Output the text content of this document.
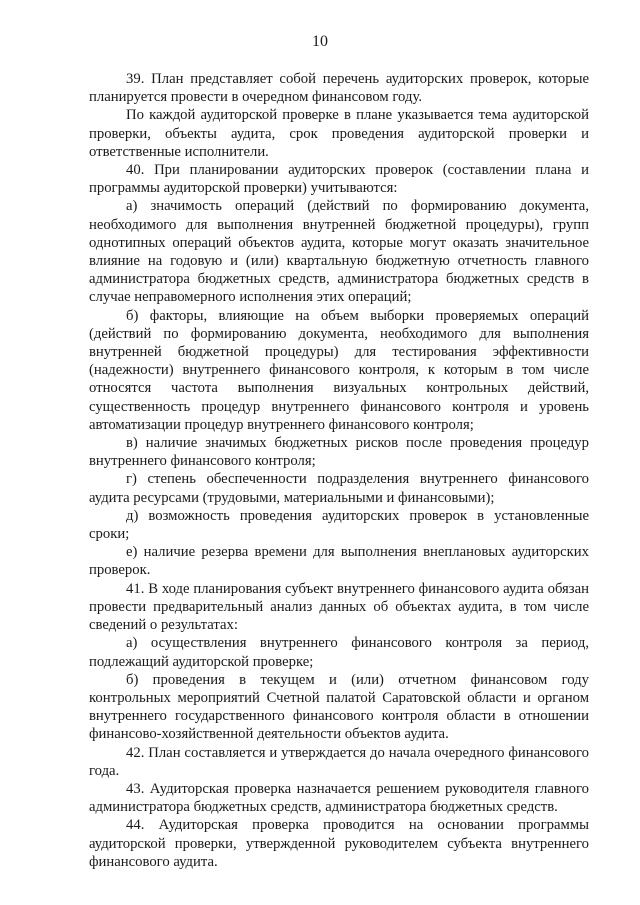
10

39. План представляет собой перечень аудиторских проверок, которые планируется провести в очередном финансовом году.

По каждой аудиторской проверке в плане указывается тема аудиторской проверки, объекты аудита, срок проведения аудиторской проверки и ответственные исполнители.

40. При планировании аудиторских проверок (составлении плана и программы аудиторской проверки) учитываются:

а) значимость операций (действий по формированию документа, необходимого для выполнения внутренней бюджетной процедуры), групп однотипных операций объектов аудита, которые могут оказать значительное влияние на годовую и (или) квартальную бюджетную отчетность главного администратора бюджетных средств, администратора бюджетных средств в случае неправомерного исполнения этих операций;

б) факторы, влияющие на объем выборки проверяемых операций (действий по формированию документа, необходимого для выполнения внутренней бюджетной процедуры) для тестирования эффективности (надежности) внутреннего финансового контроля, к которым в том числе относятся частота выполнения визуальных контрольных действий, существенность процедур внутреннего финансового контроля и уровень автоматизации процедур внутреннего финансового контроля;

в) наличие значимых бюджетных рисков после проведения процедур внутреннего финансового контроля;

г) степень обеспеченности подразделения внутреннего финансового аудита ресурсами (трудовыми, материальными и финансовыми);

д) возможность проведения аудиторских проверок в установленные сроки;

е) наличие резерва времени для выполнения внеплановых аудиторских проверок.

41. В ходе планирования субъект внутреннего финансового аудита обязан провести предварительный анализ данных об объектах аудита, в том числе сведений о результатах:

а) осуществления внутреннего финансового контроля за период, подлежащий аудиторской проверке;

б) проведения в текущем и (или) отчетном финансовом году контрольных мероприятий Счетной палатой Саратовской области и органом внутреннего государственного финансового контроля области в отношении финансово-хозяйственной деятельности объектов аудита.

42. План составляется и утверждается до начала очередного финансового года.

43. Аудиторская проверка назначается решением руководителя главного администратора бюджетных средств, администратора бюджетных средств.

44. Аудиторская проверка проводится на основании программы аудиторской проверки, утвержденной руководителем субъекта внутреннего финансового аудита.
